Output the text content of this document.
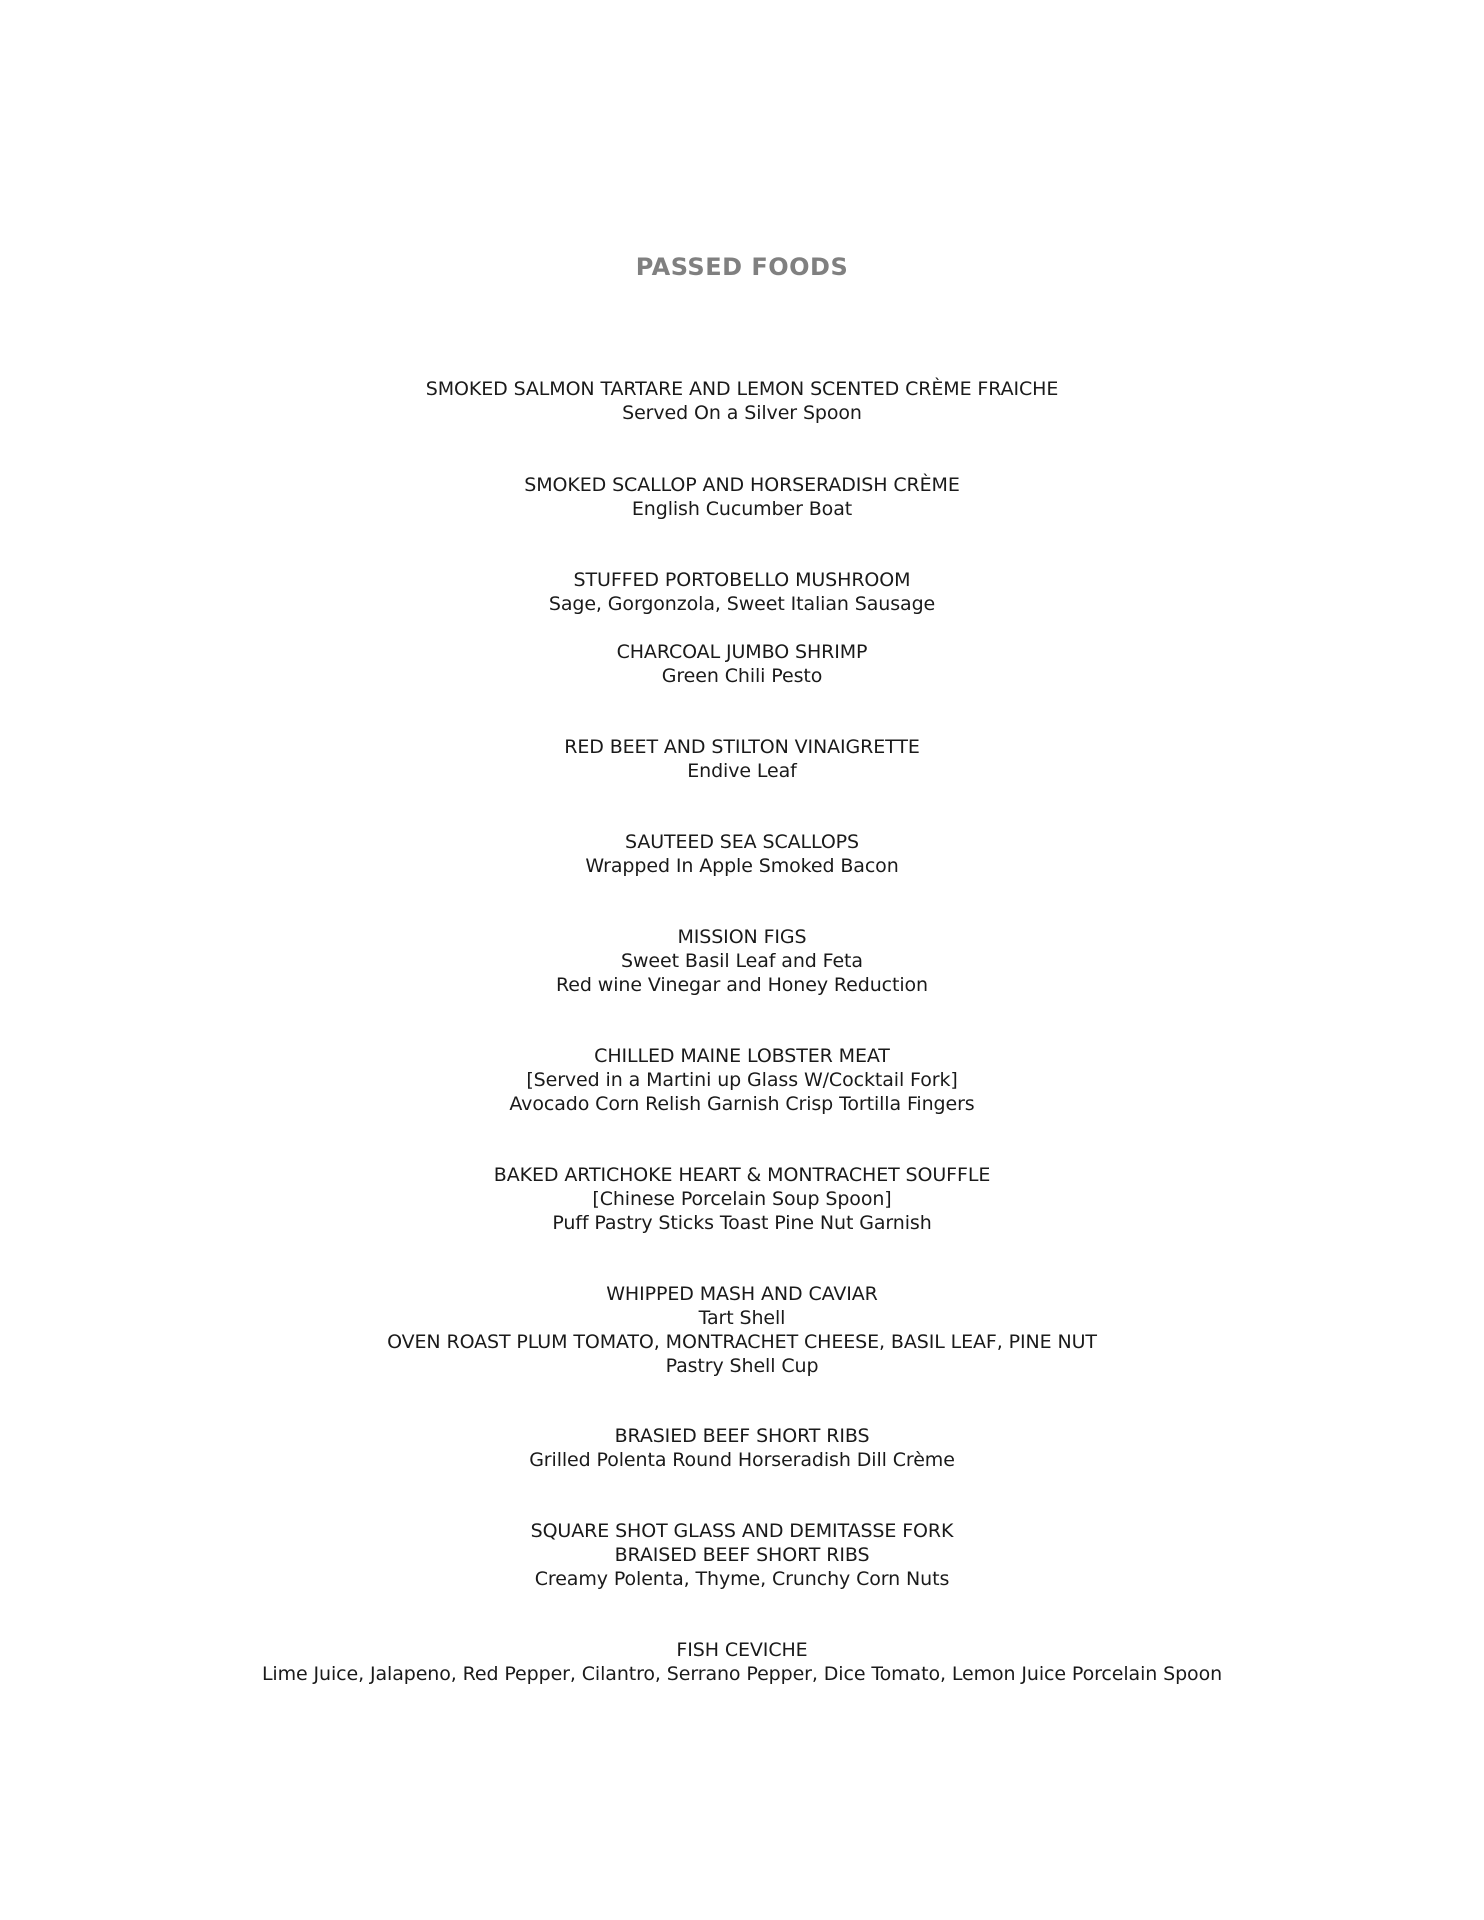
PASSED FOODS
SMOKED SALMON TARTARE AND LEMON SCENTED CRÈME FRAICHE
Served On a Silver Spoon
SMOKED SCALLOP AND HORSERADISH CRÈME
English Cucumber Boat
STUFFED PORTOBELLO MUSHROOM
Sage, Gorgonzola, Sweet Italian Sausage
CHARCOAL JUMBO SHRIMP
Green Chili Pesto
RED BEET AND STILTON VINAIGRETTE
Endive Leaf
SAUTEED SEA SCALLOPS
Wrapped In Apple Smoked Bacon
MISSION FIGS
Sweet Basil Leaf and Feta
Red wine Vinegar and Honey Reduction
CHILLED MAINE LOBSTER MEAT
[Served in a Martini up Glass W/Cocktail Fork]
Avocado Corn Relish Garnish Crisp Tortilla Fingers
BAKED ARTICHOKE HEART & MONTRACHET SOUFFLE
[Chinese Porcelain Soup Spoon]
Puff Pastry Sticks Toast Pine Nut Garnish
WHIPPED MASH AND CAVIAR
Tart Shell
OVEN ROAST PLUM TOMATO, MONTRACHET CHEESE, BASIL LEAF, PINE NUT
Pastry Shell Cup
BRASIED BEEF SHORT RIBS
Grilled Polenta Round Horseradish Dill Crème
SQUARE SHOT GLASS AND DEMITASSE FORK
BRAISED BEEF SHORT RIBS
Creamy Polenta, Thyme, Crunchy Corn Nuts
FISH CEVICHE
Lime Juice, Jalapeno, Red Pepper, Cilantro, Serrano Pepper, Dice Tomato, Lemon Juice Porcelain Spoon
